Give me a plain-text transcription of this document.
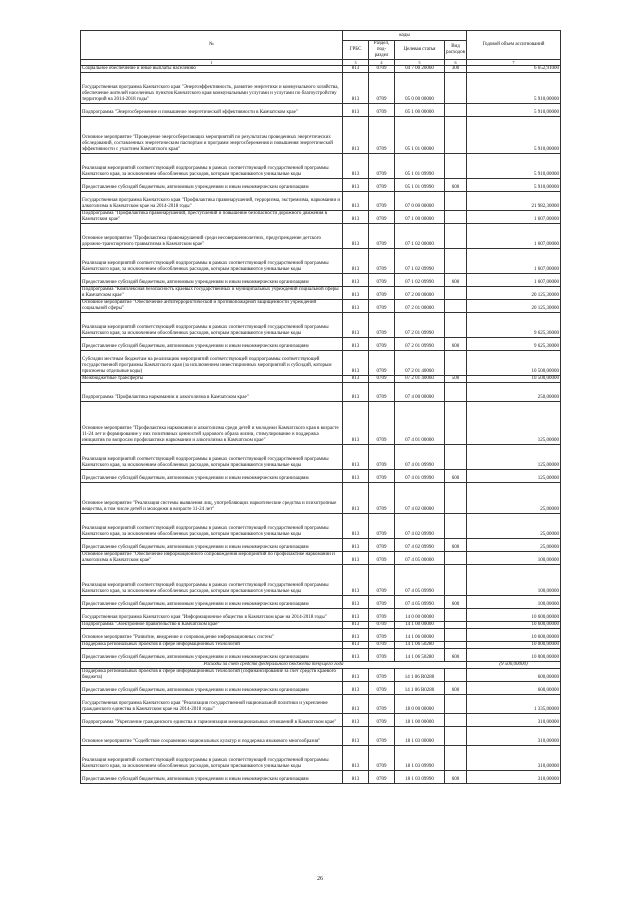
№	коды				Годовой объем ассигнований
	ГРБС	Раздел, под-раздел	Целевая статья	Вид расходов	
1	3	4	5	6	7
Социальное обеспечение и иные выплаты населению	813	0709	04 7 00 20060	300	6 652,91000
Государственная программа Камчатского края "Энергоэффективность, развитие энергетики и коммунального хозяйства, обеспечение жителей населенных пунктов Камчатского края коммунальными услугами и услугами по благоустройству территорий на 2014-2018 годы"	813	0709	05 0 00 00000		5 910,00000
Подпрограмма "Энергосбережение и повышение энергетической эффективности в Камчатском крае"	813	0709	05 1 00 00000		5 910,00000
Основное мероприятие "Проведение энергосберегающих мероприятий по результатам проведенных энергетических обследований, составленных энергетическим паспортам и программ энергосбережения и повышения энергетической эффективности с участием Камчатского края"	813	0709	05 1 01 00000		5 910,00000
Реализация мероприятий соответствующей подпрограммы в рамках соответствующей государственной программы Камчатского края, за исключением обособленных расходов, которым присваиваются уникальные коды	813	0709	05 1 01 09990		5 910,00000
Предоставление субсидий бюджетным, автономным учреждениям и иным некоммерческим организациям	813	0709	05 1 01 09990	600	5 910,00000
Государственная программа Камчатского края "Профилактика правонарушений, терроризма, экстремизма, наркомании и алкоголизма в Камчатском крае на 2014-2018 годы"	813	0709	07 0 00 00000		21 982,30000
Подпрограмма "Профилактика правонарушений, преступлений и повышение безопасности дорожного движения в Камчатском крае"	813	0709	07 1 00 00000		1 607,00000
Основное мероприятие "Профилактика правонарушений среди несовершеннолетних, предупреждение детского дорожно-транспортного травматизма в Камчатском крае"	813	0709	07 1 02 00000		1 607,00000
Реализация мероприятий соответствующей подпрограммы в рамках соответствующей государственной программы Камчатского края, за исключением обособленных расходов, которым присваиваются уникальные коды	813	0709	07 1 02 09990		1 607,00000
Предоставление субсидий бюджетным, автономным учреждениям и иным некоммерческим организациям	813	0709	07 1 02 09990	600	1 607,00000
Подпрограмма "Комплексная безопасность краевых государственных и муниципальных учреждений социальной сферы в Камчатском крае"	813	0709	07 2 00 00000		20 125,30000
Основное мероприятие "Обеспечение антитеррористической и противопожарной защищенности учреждений социальной сферы"	813	0709	07 2 01 00000		20 125,30000
Реализация мероприятий соответствующей подпрограммы в рамках соответствующей государственной программы Камчатского края, за исключением обособленных расходов, которым присваиваются уникальные коды	813	0709	07 2 01 09990		9 625,30000
Предоставление субсидий бюджетным, автономным учреждениям и иным некоммерческим организациям	813	0709	07 2 01 09990	600	9 625,30000
Субсидии местным бюджетам на реализацию мероприятий соответствующей подпрограммы соответствующей государственной программы Камчатского края (за исключением инвестиционных мероприятий и субсидий, которым присвоены отдельные коды)	813	0709	07 2 01 40060		10 500,00000
Межбюджетные трансферты	813	0709	07 2 01 40060	500	10 500,00000
Подпрограмма "Профилактика наркомании и алкоголизма в Камчатском крае"	813	0709	07 4 00 00000		250,00000
Основное мероприятие "Профилактика наркомании и алкоголизма среди детей и молодежи Камчатского края в возрасте 11-24 лет и формирование у них позитивных ценностей здорового образа жизни, стимулирование и поддержка инициатив по вопросам профилактики наркомании и алкоголизма в Камчатском крае"	813	0709	07 4 01 00000		125,00000
Реализация мероприятий соответствующей подпрограммы в рамках соответствующей государственной программы Камчатского края, за исключением обособленных расходов, которым присваиваются уникальные коды	813	0709	07 4 01 09990		125,00000
Предоставление субсидий бюджетным, автономным учреждениям и иным некоммерческим организациям	813	0709	07 4 01 09990	600	125,00000
Основное мероприятие "Реализация системы выявления лиц, употребляющих наркотические средства и психотропные вещества, в том числе детей и молодежи в возрасте 11-24 лет"	813	0709	07 4 02 00000		25,00000
Реализация мероприятий соответствующей подпрограммы в рамках соответствующей государственной программы Камчатского края, за исключением обособленных расходов, которым присваиваются уникальные коды	813	0709	07 4 02 09990		25,00000
Предоставление субсидий бюджетным, автономным учреждениям и иным некоммерческим организациям	813	0709	07 4 02 09990	600	25,00000
Основное мероприятие "Обеспечение информационного сопровождения мероприятий по профилактике наркомании и алкоголизма в Камчатском крае"	813	0709	07 4 05 00000		100,00000
Реализация мероприятий соответствующей подпрограммы в рамках соответствующей государственной программы Камчатского края, за исключением обособленных расходов, которым присваиваются уникальные коды	813	0709	07 4 05 09990		100,00000
Предоставление субсидий бюджетным, автономным учреждениям и иным некоммерческим организациям	813	0709	07 4 05 09990	600	100,00000
Государственная программа Камчатского края "Информационное общество в Камчатском крае на 2014-2018 годы"	813	0709	14 0 00 00000		10 600,00000
Подпрограмма "Электронное правительство в Камчатском крае"	813	0709	14 1 00 00000		10 600,00000
Основное мероприятие "Развитие, внедрение и сопровождение информационных систем"	813	0709	14 1 06 00000		10 600,00000
Поддержка региональных проектов в сфере информационных технологий	813	0709	14 1 06 50280		10 000,00000
Предоставление субсидий бюджетным, автономным учреждениям и иным некоммерческим организациям	813	0709	14 1 06 50280	600	10 000,00000
Расходы за счет средств федерального бюджета текущего года					(9 500,00000)
Поддержка региональных проектов в сфере информационных технологий (софинансирование за счет средств краевого бюджета)	813	0709	14 1 06 R0280		600,00000
Предоставление субсидий бюджетным, автономным учреждениям и иным некоммерческим организациям	813	0709	14 1 06 R0280	600	600,00000
Государственная программа Камчатского края "Реализация государственной национальной политики и укрепление гражданского единства в Камчатском крае на 2014-2018 годы"	813	0709	18 0 00 00000		1 335,00000
Подпрограмма "Укрепление гражданского единства и гармонизация межнациональных отношений в Камчатском крае"	813	0709	18 1 00 00000		310,00000
Основное мероприятие "Содействие сохранению национальных культур и поддержка языкового многообразия"	813	0709	18 1 03 00000		310,00000
Реализация мероприятий соответствующей подпрограммы в рамках соответствующей государственной программы Камчатского края, за исключением обособленных расходов, которым присваиваются уникальные коды	813	0709	18 1 03 09990		310,00000
Предоставление субсидий бюджетным, автономным учреждениям и иным некоммерческим организациям	813	0709	18 1 03 09990	600	310,00000
26
